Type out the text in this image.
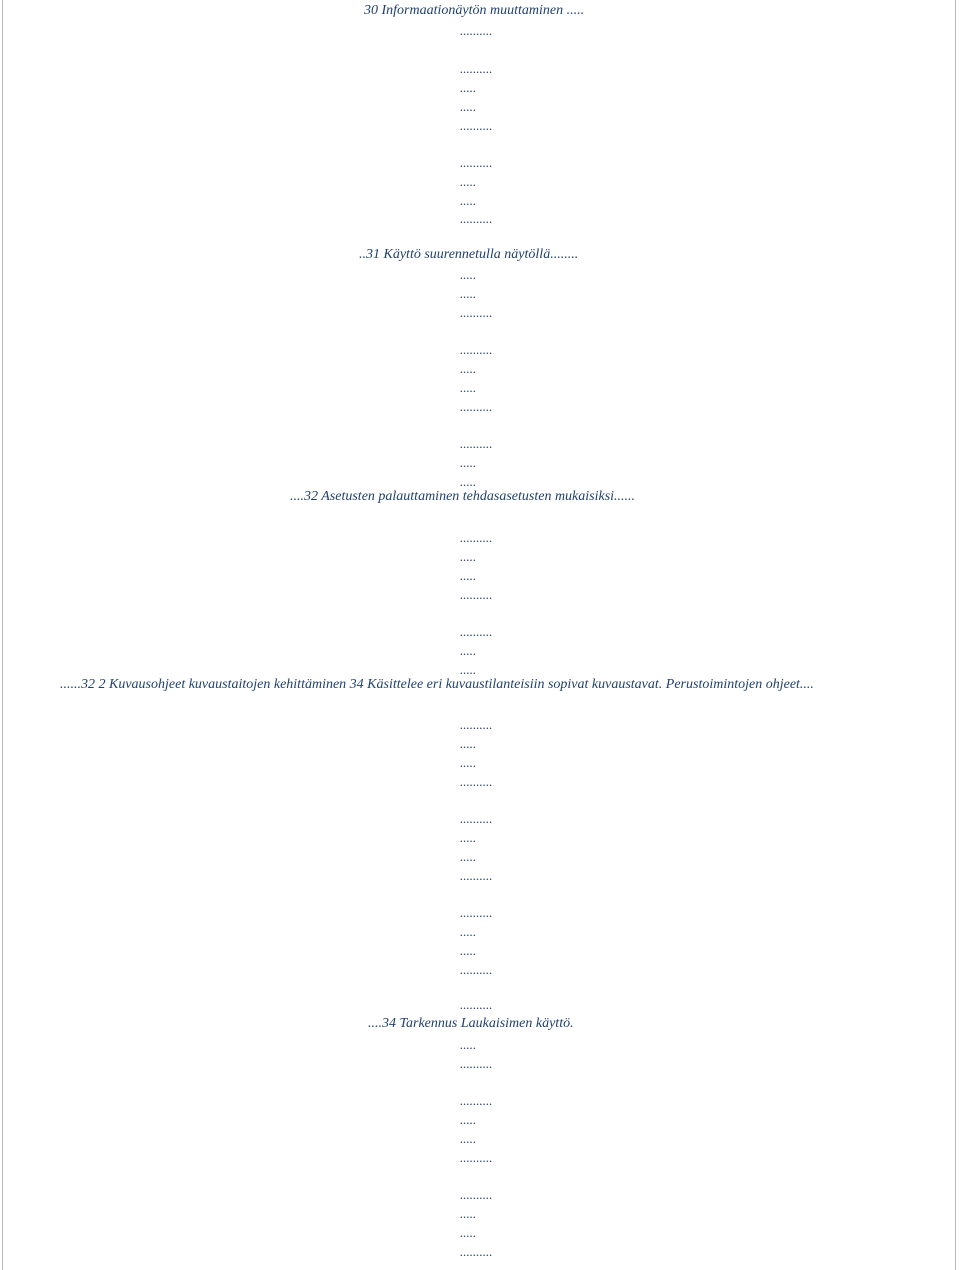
30 Informaationäytön muuttaminen .....
..........
..........
.....
.....
..........
..........
.....
.....
..........
..31 Käyttö suurennetulla näytöllä........
.....
.....
..........
..........
.....
.....
..........
..........
.....
.....
....32 Asetusten palauttaminen tehdasasetusten mukaisiksi......
..........
.....
.....
..........
..........
.....
.....
......32 2 Kuvausohjeet kuvaustaitojen kehittäminen 34 Käsittelee eri kuvaustilanteisiin sopivat kuvaustavat. Perustoimintojen ohjeet....
..........
.....
.....
..........
..........
.....
.....
..........
..........
.....
.....
..........
..........
....34 Tarkennus Laukaisimen käyttö.
.....
..........
..........
.....
.....
..........
..........
.....
.....
..........
